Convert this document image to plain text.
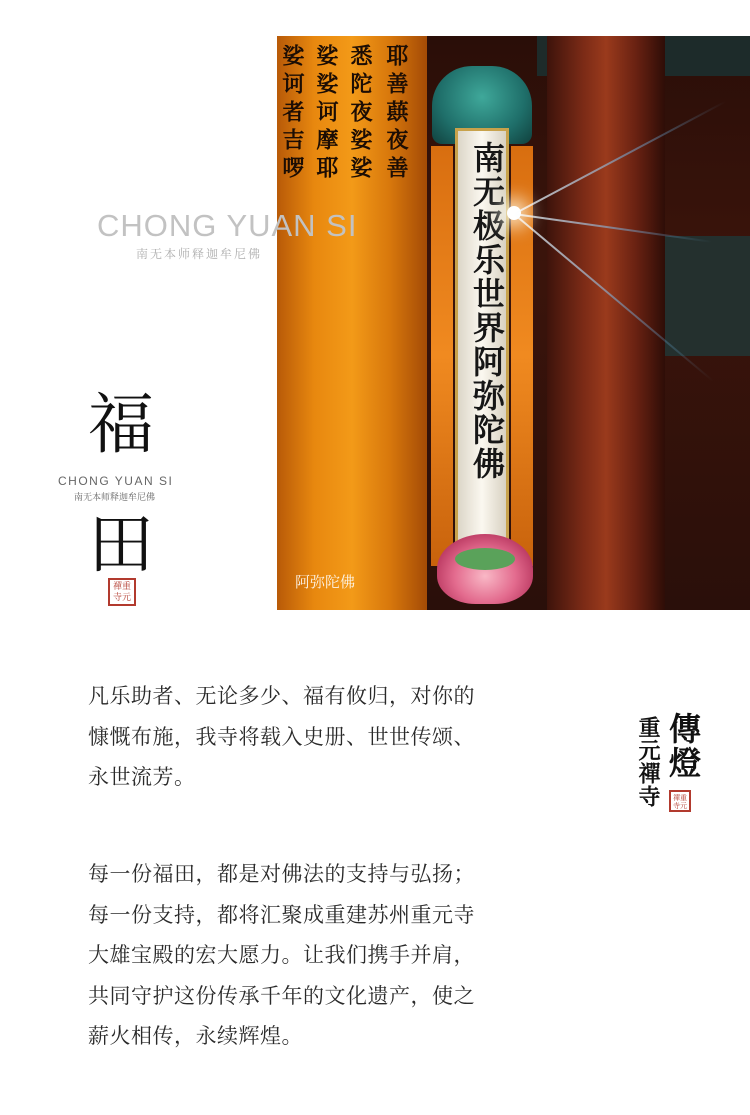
娑诃者吉啰 娑娑诃摩耶 悉陀夜娑娑 耶善蕻夜善
南无极乐世界阿弥陀佛
阿弥陀佛
CHONG YUAN SI
南无本师释迦牟尼佛
福
CHONG YUAN SI
南无本师释迦牟尼佛
田
禪重
寺元

凡乐助者、无论多少、福有攸归，对你的慷慨布施，我寺将载入史册、世世传颂、永世流芳。

每一份福田，都是对佛法的支持与弘扬；每一份支持，都将汇聚成重建苏州重元寺大雄宝殿的宏大愿力。让我们携手并肩，共同守护这份传承千年的文化遗产，使之薪火相传，永续辉煌。

傳燈
重元禪寺	禪重
寺元
